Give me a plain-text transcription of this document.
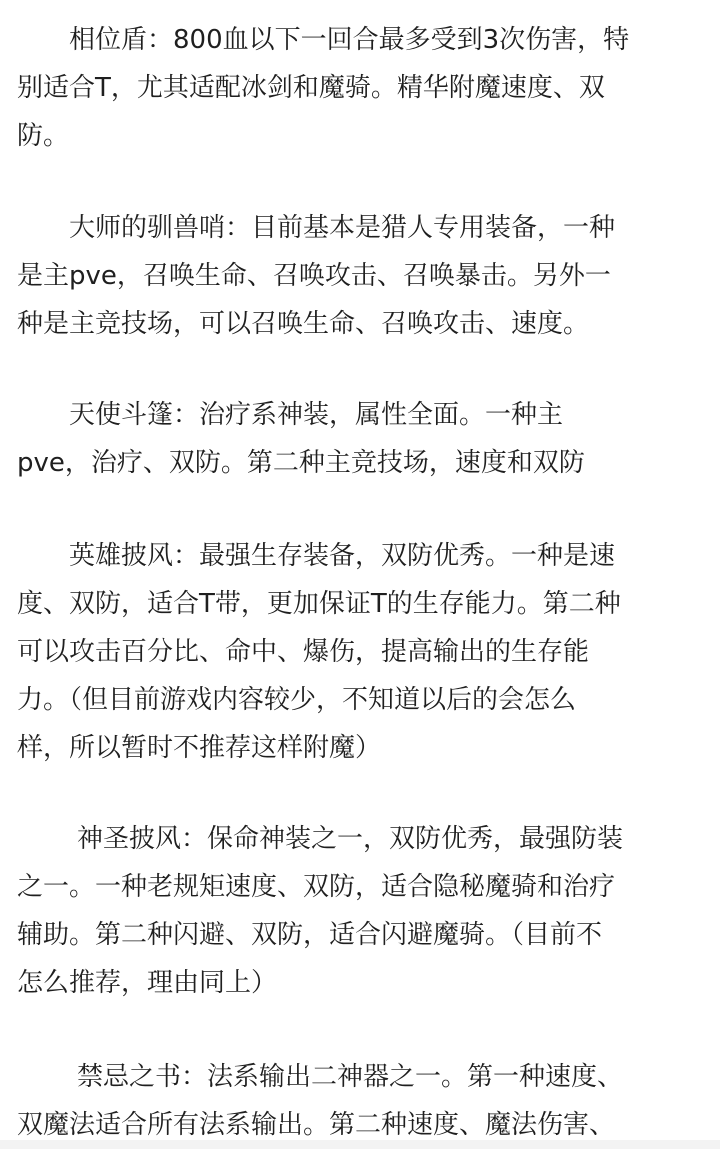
相位盾：800血以下一回合最多受到3次伤害，特
别适合T，尤其适配冰剑和魔骑。精华附魔速度、双
防。
大师的驯兽哨：目前基本是猎人专用装备，一种
是主pve，召唤生命、召唤攻击、召唤暴击。另外一
种是主竞技场，可以召唤生命、召唤攻击、速度。
天使斗篷：治疗系神装，属性全面。一种主
pve，治疗、双防。第二种主竞技场，速度和双防
英雄披风：最强生存装备，双防优秀。一种是速
度、双防，适合T带，更加保证T的生存能力。第二种
可以攻击百分比、命中、爆伤，提高输出的生存能
力。（但目前游戏内容较少，不知道以后的会怎么
样，所以暂时不推荐这样附魔）
神圣披风：保命神装之一，双防优秀，最强防装
之一。一种老规矩速度、双防，适合隐秘魔骑和治疗
辅助。第二种闪避、双防，适合闪避魔骑。（目前不
怎么推荐，理由同上）
禁忌之书：法系输出二神器之一。第一种速度、
双魔法适合所有法系输出。第二种速度、魔法伤害、
